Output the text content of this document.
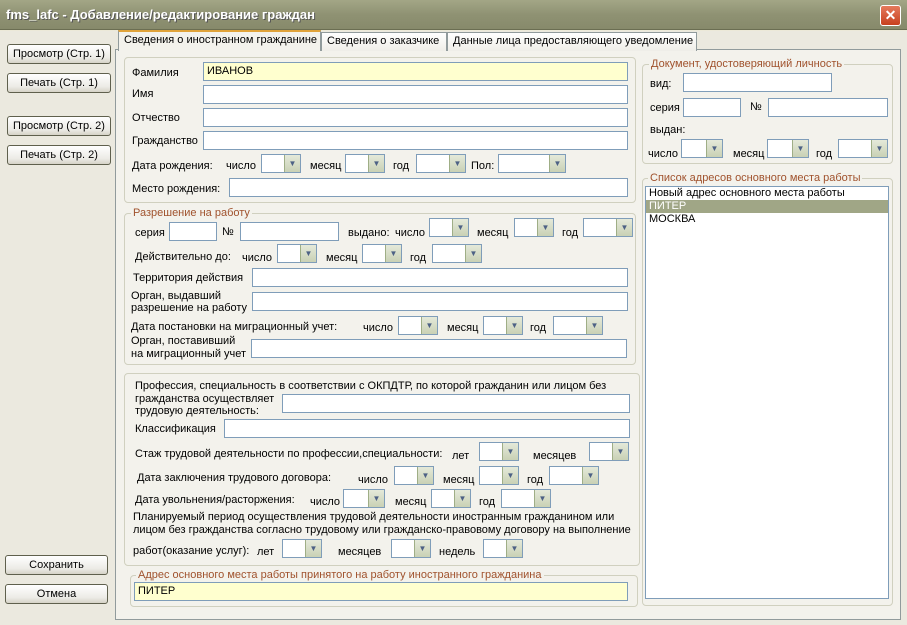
fms_lafc - Добавление/редактирование граждан	✕
Просмотр (Стр. 1)
Печать (Стр. 1)
Просмотр (Стр. 2)
Печать (Стр. 2)
Сохранить
Отмена
Сведения о иностранном гражданине Сведения о заказчике	Данные лица предоставляющего уведомление
Фамилия	ИВАНОВ
Имя
Отчество
Гражданство
Дата рождения: число	▼	месяц	▼	год	▼ Пол:	▼
Место рождения:
Разрешение на работу
серия	№	выдано: число	▼	месяц	▼	год	▼
Действительно до: число	▼	месяц	▼	год	▼
Территория действия
Орган, выдавший
разрешение на работу
Дата постановки на миграционный учет: число	▼	месяц	▼	год	▼
Орган, поставивший
на миграционный учет
Профессия, специальность в соответствии с ОКПДТР, по которой гражданин или лицом без
гражданства осуществляет
трудовую деятельность:
Классификация
Стаж трудовой деятельности по профессии,специальности: лет	▼	месяцев	▼
Дата заключения трудового договора: число	▼	месяц	▼	год	▼
Дата увольнения/расторжения: число	▼	месяц	▼	год	▼
Планируемый период осуществления трудовой деятельности иностранным гражданином или
лицом без гражданства согласно трудовому или гражданско-правовому договору на выполнение
работ(оказание услуг): лет	▼	месяцев	▼	недель	▼
Адрес основного места работы принятого на работу иностранного гражданина
ПИТЕР
Документ, удостоверяющий личность
вид:
серия	№
выдан:
число	▼	месяц	▼	год	▼
Список адресов основного места работы
Новый адрес основного места работы
ПИТЕР
МОСКВА
